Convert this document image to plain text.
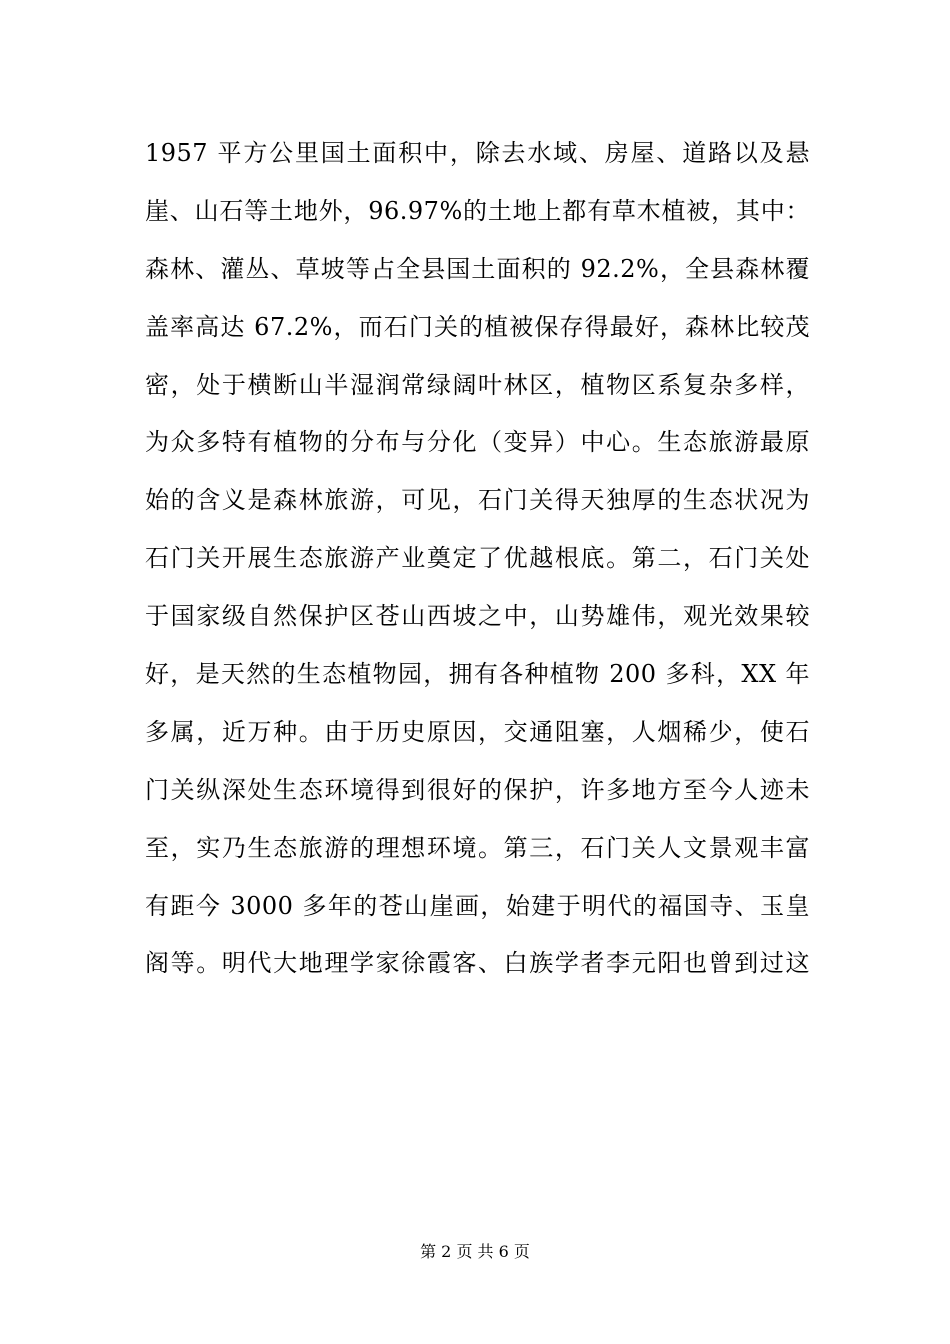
1957 平方公里国土面积中，除去水域、房屋、道路以及悬
崖、山石等土地外，96.97%的土地上都有草木植被，其中：
森林、灌丛、草坡等占全县国土面积的 92.2%，全县森林覆
盖率高达 67.2%，而石门关的植被保存得最好，森林比较茂
密，处于横断山半湿润常绿阔叶林区，植物区系复杂多样，
为众多特有植物的分布与分化（变异）中心。生态旅游最原
始的含义是森林旅游，可见，石门关得天独厚的生态状况为
石门关开展生态旅游产业奠定了优越根底。第二，石门关处
于国家级自然保护区苍山西坡之中，山势雄伟，观光效果较
好，是天然的生态植物园，拥有各种植物 200 多科，XX 年
多属，近万种。由于历史原因，交通阻塞，人烟稀少，使石
门关纵深处生态环境得到很好的保护，许多地方至今人迹未
至，实乃生态旅游的理想环境。第三，石门关人文景观丰富
有距今 3000 多年的苍山崖画，始建于明代的福国寺、玉皇
阁等。明代大地理学家徐霞客、白族学者李元阳也曾到过这
第 2 页 共 6 页
